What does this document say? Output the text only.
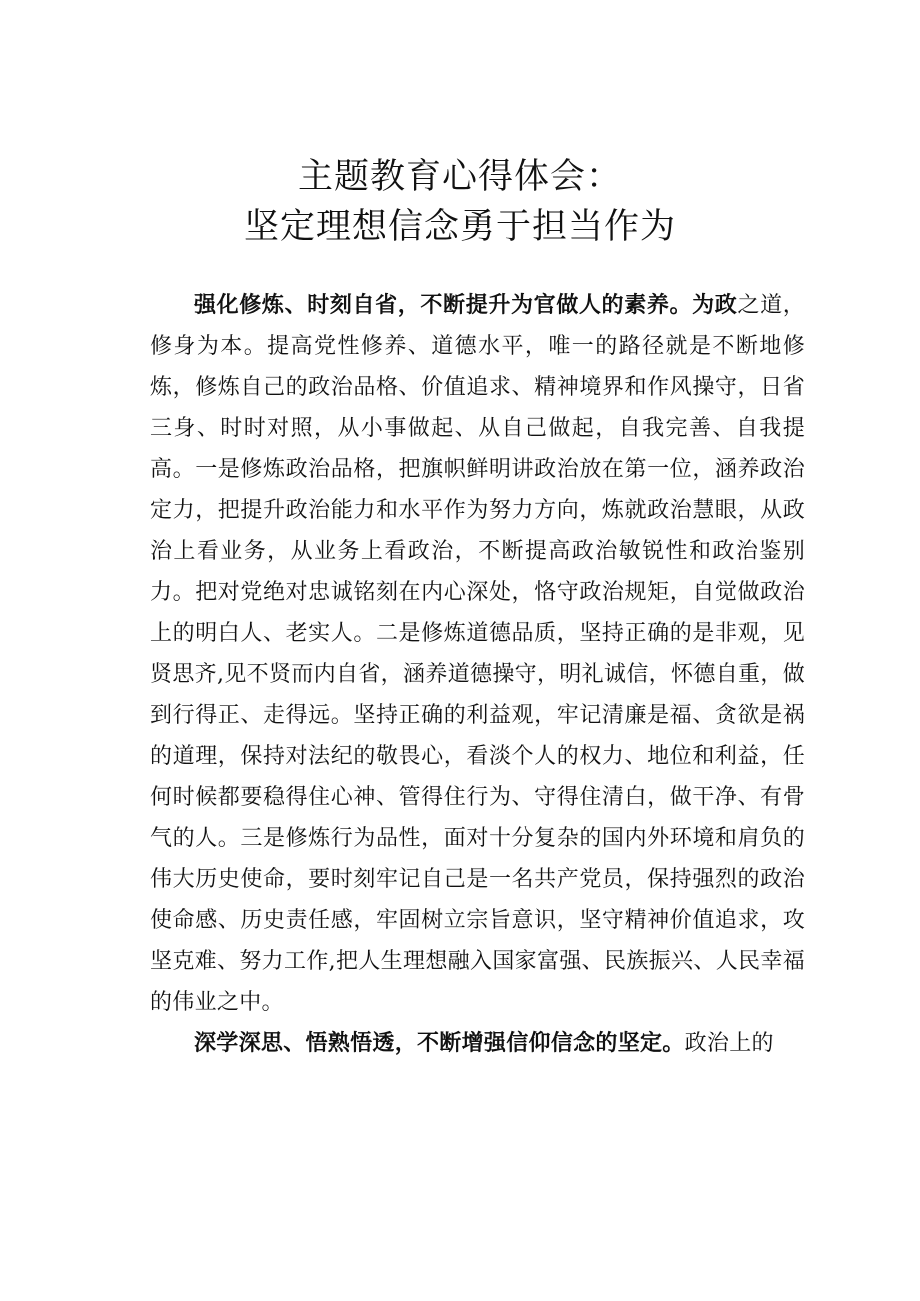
主题教育心得体会：
坚定理想信念勇于担当作为

强化修炼、时刻自省，不断提升为官做人的素养。为政之道，修身为本。提高党性修养、道德水平，唯一的路径就是不断地修炼，修炼自己的政治品格、价值追求、精神境界和作风操守，日省三身、时时对照，从小事做起、从自己做起，自我完善、自我提高。一是修炼政治品格，把旗帜鲜明讲政治放在第一位，涵养政治定力，把提升政治能力和水平作为努力方向，炼就政治慧眼，从政治上看业务，从业务上看政治，不断提高政治敏锐性和政治鉴别力。把对党绝对忠诚铭刻在内心深处，恪守政治规矩，自觉做政治上的明白人、老实人。二是修炼道德品质，坚持正确的是非观，见贤思齐,见不贤而内自省，涵养道德操守，明礼诚信，怀德自重，做到行得正、走得远。坚持正确的利益观，牢记清廉是福、贪欲是祸的道理，保持对法纪的敬畏心，看淡个人的权力、地位和利益，任何时候都要稳得住心神、管得住行为、守得住清白，做干净、有骨气的人。三是修炼行为品性，面对十分复杂的国内外环境和肩负的伟大历史使命，要时刻牢记自己是一名共产党员，保持强烈的政治使命感、历史责任感，牢固树立宗旨意识，坚守精神价值追求，攻坚克难、努力工作,把人生理想融入国家富强、民族振兴、人民幸福的伟业之中。

深学深思、悟熟悟透，不断增强信仰信念的坚定。政治上的
